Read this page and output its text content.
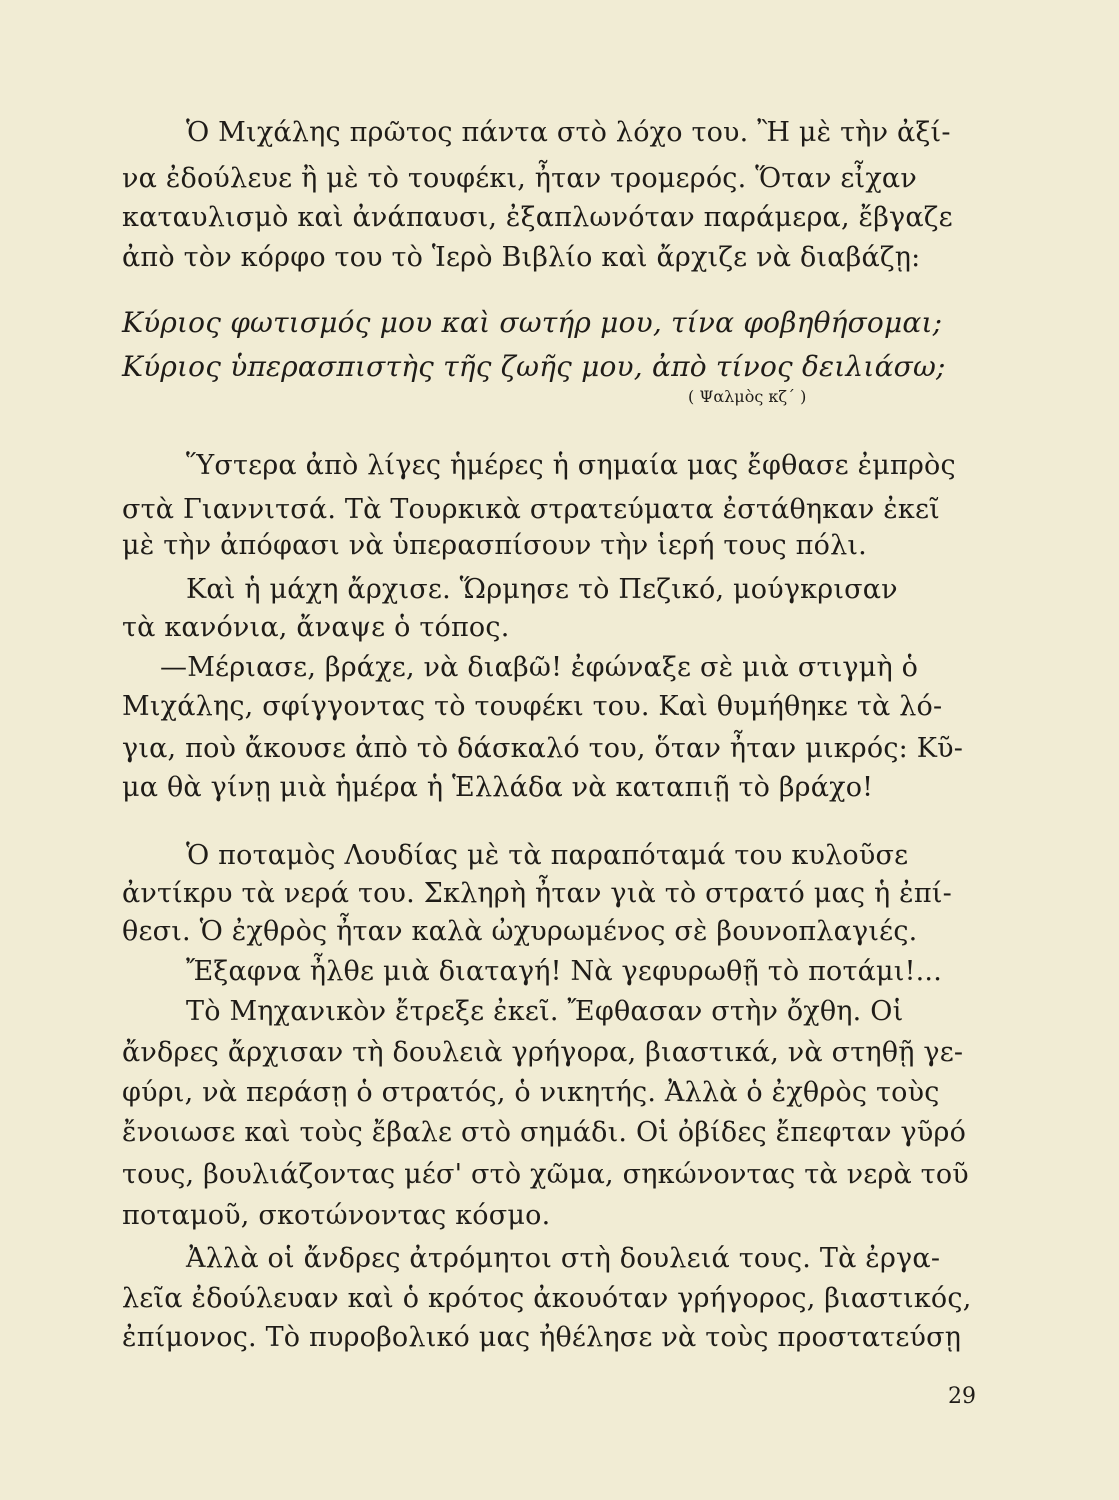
Ὁ Μιχάλης πρῶτος πάντα στὸ λόχο του. Ἢ μὲ τὴν ἀξί-
να ἐδούλευε ἢ μὲ τὸ τουφέκι, ἦταν τρομερός. Ὅταν εἶχαν
καταυλισμὸ καὶ ἀνάπαυσι, ἐξαπλωνόταν παράμερα, ἔβγαζε
ἀπὸ τὸν κόρφο του τὸ Ἱερὸ Βιβλίο καὶ ἄρχιζε νὰ διαβάζῃ:
Κύριος φωτισμός μου καὶ σωτήρ μου, τίνα φοβηθήσομαι;
Κύριος ὑπερασπιστὴς τῆς ζωῆς μου, ἀπὸ τίνος δειλιάσω;
( Ψαλμὸς κζ΄ )
Ὕστερα ἀπὸ λίγες ἡμέρες ἡ σημαία μας ἔφθασε ἐμπρὸς
στὰ Γιαννιτσά. Τὰ Τουρκικὰ στρατεύματα ἐστάθηκαν ἐκεῖ
μὲ τὴν ἀπόφασι νὰ ὑπερασπίσουν τὴν ἱερή τους πόλι.
Καὶ ἡ μάχη ἄρχισε. Ὥρμησε τὸ Πεζικό, μούγκρισαν
τὰ κανόνια, ἄναψε ὁ τόπος.
—Μέριασε, βράχε, νὰ διαβῶ! ἐφώναξε σὲ μιὰ στιγμὴ ὁ
Μιχάλης, σφίγγοντας τὸ τουφέκι του. Καὶ θυμήθηκε τὰ λό-
για, ποὺ ἄκουσε ἀπὸ τὸ δάσκαλό του, ὅταν ἦταν μικρός: Κῦ-
μα θὰ γίνῃ μιὰ ἡμέρα ἡ Ἑλλάδα νὰ καταπιῇ τὸ βράχο!
Ὁ ποταμὸς Λουδίας μὲ τὰ παραπόταμά του κυλοῦσε
ἀντίκρυ τὰ νερά του. Σκληρὴ ἦταν γιὰ τὸ στρατό μας ἡ ἐπί-
θεσι. Ὁ ἐχθρὸς ἦταν καλὰ ὠχυρωμένος σὲ βουνοπλαγιές.
Ἔξαφνα ἦλθε μιὰ διαταγή! Νὰ γεφυρωθῇ τὸ ποτάμι!...
Τὸ Μηχανικὸν ἔτρεξε ἐκεῖ. Ἔφθασαν στὴν ὄχθη. Οἱ
ἄνδρες ἄρχισαν τὴ δουλειὰ γρήγορα, βιαστικά, νὰ στηθῇ γε-
φύρι, νὰ περάσῃ ὁ στρατός, ὁ νικητής. Ἀλλὰ ὁ ἐχθρὸς τοὺς
ἔνοιωσε καὶ τοὺς ἔβαλε στὸ σημάδι. Οἱ ὀβίδες ἔπεφταν γῦρό
τους, βουλιάζοντας μέσ' στὸ χῶμα, σηκώνοντας τὰ νερὰ τοῦ
ποταμοῦ, σκοτώνοντας κόσμο.
Ἀλλὰ οἱ ἄνδρες ἀτρόμητοι στὴ δουλειά τους. Τὰ ἐργα-
λεῖα ἐδούλευαν καὶ ὁ κρότος ἀκουόταν γρήγορος, βιαστικός,
ἐπίμονος. Τὸ πυροβολικό μας ἠθέλησε νὰ τοὺς προστατεύσῃ
29
